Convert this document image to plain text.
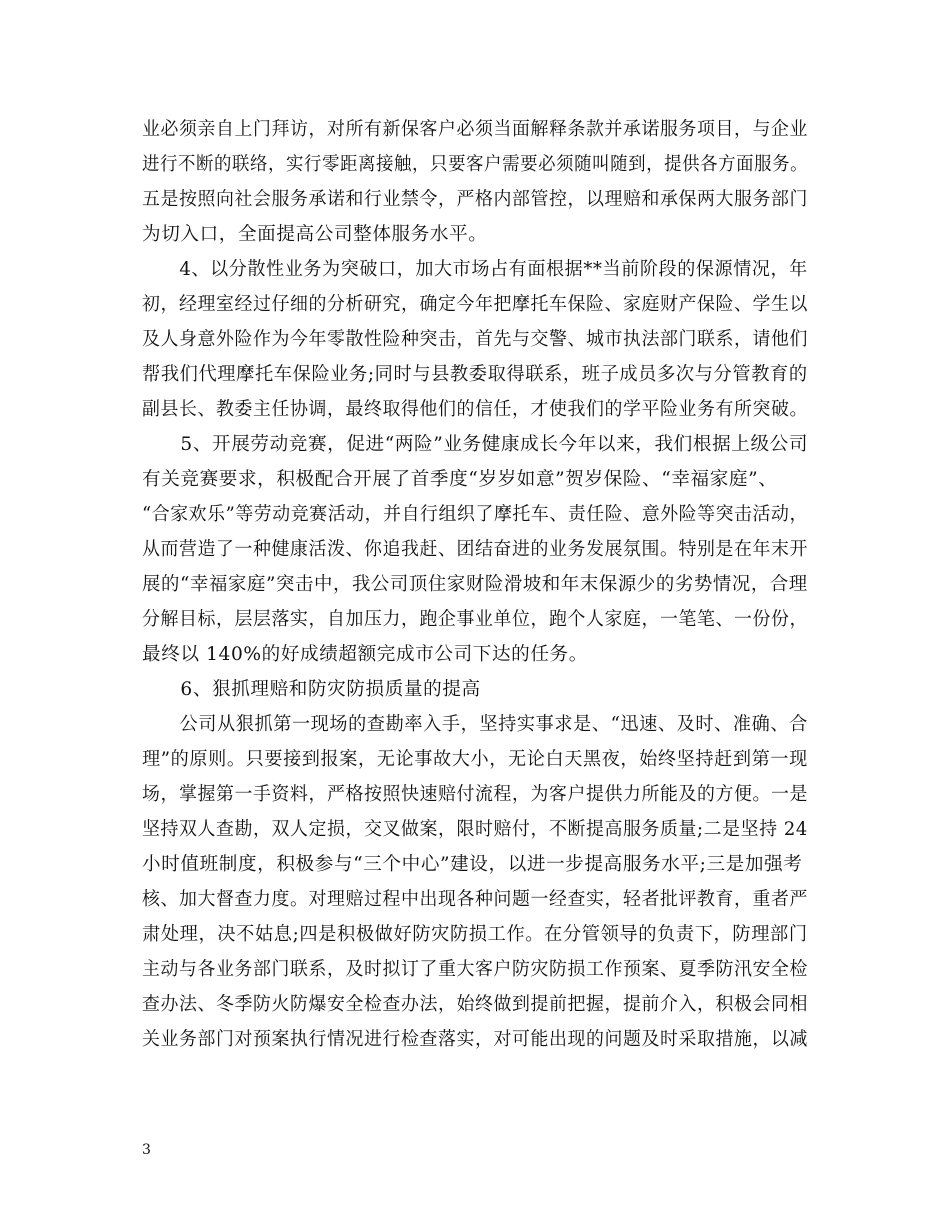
业必须亲自上门拜访，对所有新保客户必须当面解释条款并承诺服务项目，与企业
进行不断的联络，实行零距离接触，只要客户需要必须随叫随到，提供各方面服务。
五是按照向社会服务承诺和行业禁令，严格内部管控，以理赔和承保两大服务部门
为切入口，全面提高公司整体服务水平。
　　4、以分散性业务为突破口，加大市场占有面根据**当前阶段的保源情况，年
初，经理室经过仔细的分析研究，确定今年把摩托车保险、家庭财产保险、学生以
及人身意外险作为今年零散性险种突击，首先与交警、城市执法部门联系，请他们
帮我们代理摩托车保险业务;同时与县教委取得联系，班子成员多次与分管教育的
副县长、教委主任协调，最终取得他们的信任，才使我们的学平险业务有所突破。
　　5、开展劳动竞赛，促进“两险”业务健康成长今年以来，我们根据上级公司
有关竞赛要求，积极配合开展了首季度“岁岁如意”贺岁保险、“幸福家庭”、
“合家欢乐”等劳动竞赛活动，并自行组织了摩托车、责任险、意外险等突击活动，
从而营造了一种健康活泼、你追我赶、团结奋进的业务发展氛围。特别是在年末开
展的“幸福家庭”突击中，我公司顶住家财险滑坡和年末保源少的劣势情况，合理
分解目标，层层落实，自加压力，跑企事业单位，跑个人家庭，一笔笔、一份份，
最终以 140%的好成绩超额完成市公司下达的任务。
　　6、狠抓理赔和防灾防损质量的提高
　　公司从狠抓第一现场的查勘率入手，坚持实事求是、“迅速、及时、准确、合
理”的原则。只要接到报案，无论事故大小，无论白天黑夜，始终坚持赶到第一现
场，掌握第一手资料，严格按照快速赔付流程，为客户提供力所能及的方便。一是
坚持双人查勘，双人定损，交叉做案，限时赔付，不断提高服务质量;二是坚持 24
小时值班制度，积极参与“三个中心”建设，以进一步提高服务水平;三是加强考
核、加大督查力度。对理赔过程中出现各种问题一经查实，轻者批评教育，重者严
肃处理，决不姑息;四是积极做好防灾防损工作。在分管领导的负责下，防理部门
主动与各业务部门联系，及时拟订了重大客户防灾防损工作预案、夏季防汛安全检
查办法、冬季防火防爆安全检查办法，始终做到提前把握，提前介入，积极会同相
关业务部门对预案执行情况进行检查落实，对可能出现的问题及时采取措施，以减
3
